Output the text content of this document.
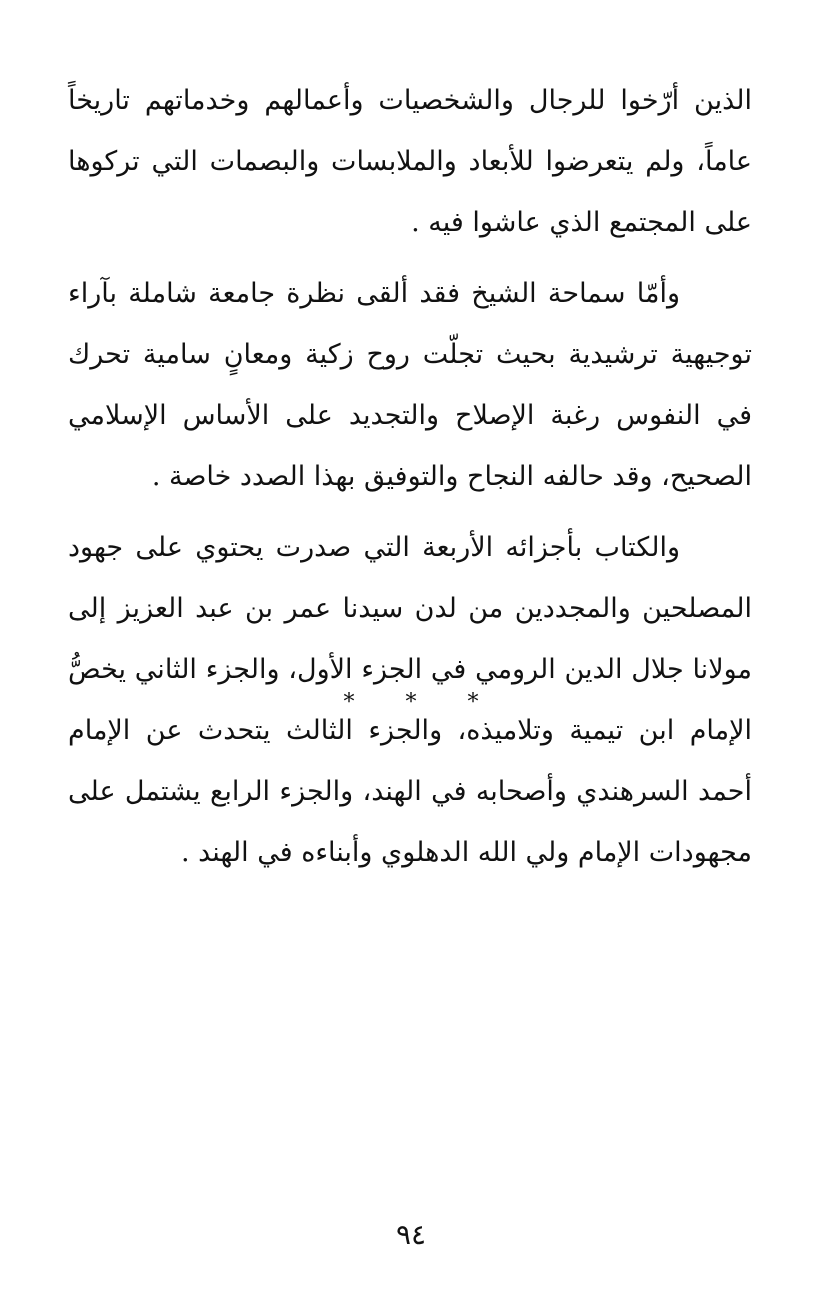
الذين أرّخوا للرجال والشخصيات وأعمالهم وخدماتهم تاريخاً عاماً، ولم يتعرضوا للأبعاد والملابسات والبصمات التي تركوها على المجتمع الذي عاشوا فيه .

وأمّا سماحة الشيخ فقد ألقى نظرة جامعة شاملة بآراء توجيهية ترشيدية بحيث تجلّت روح زكية ومعانٍ سامية تحرك في النفوس رغبة الإصلاح والتجديد على الأساس الإسلامي الصحيح، وقد حالفه النجاح والتوفيق بهذا الصدد خاصة .

والكتاب بأجزائه الأربعة التي صدرت يحتوي على جهود المصلحين والمجددين من لدن سيدنا عمر بن عبد العزيز إلى مولانا جلال الدين الرومي في الجزء الأول، والجزء الثاني يخصُّ الإمام ابن تيمية وتلاميذه، والجزء الثالث يتحدث عن الإمام أحمد السرهندي وأصحابه في الهند، والجزء الرابع يشتمل على مجهودات الإمام ولي الله الدهلوي وأبناءه في الهند .

* * *
٩٤
